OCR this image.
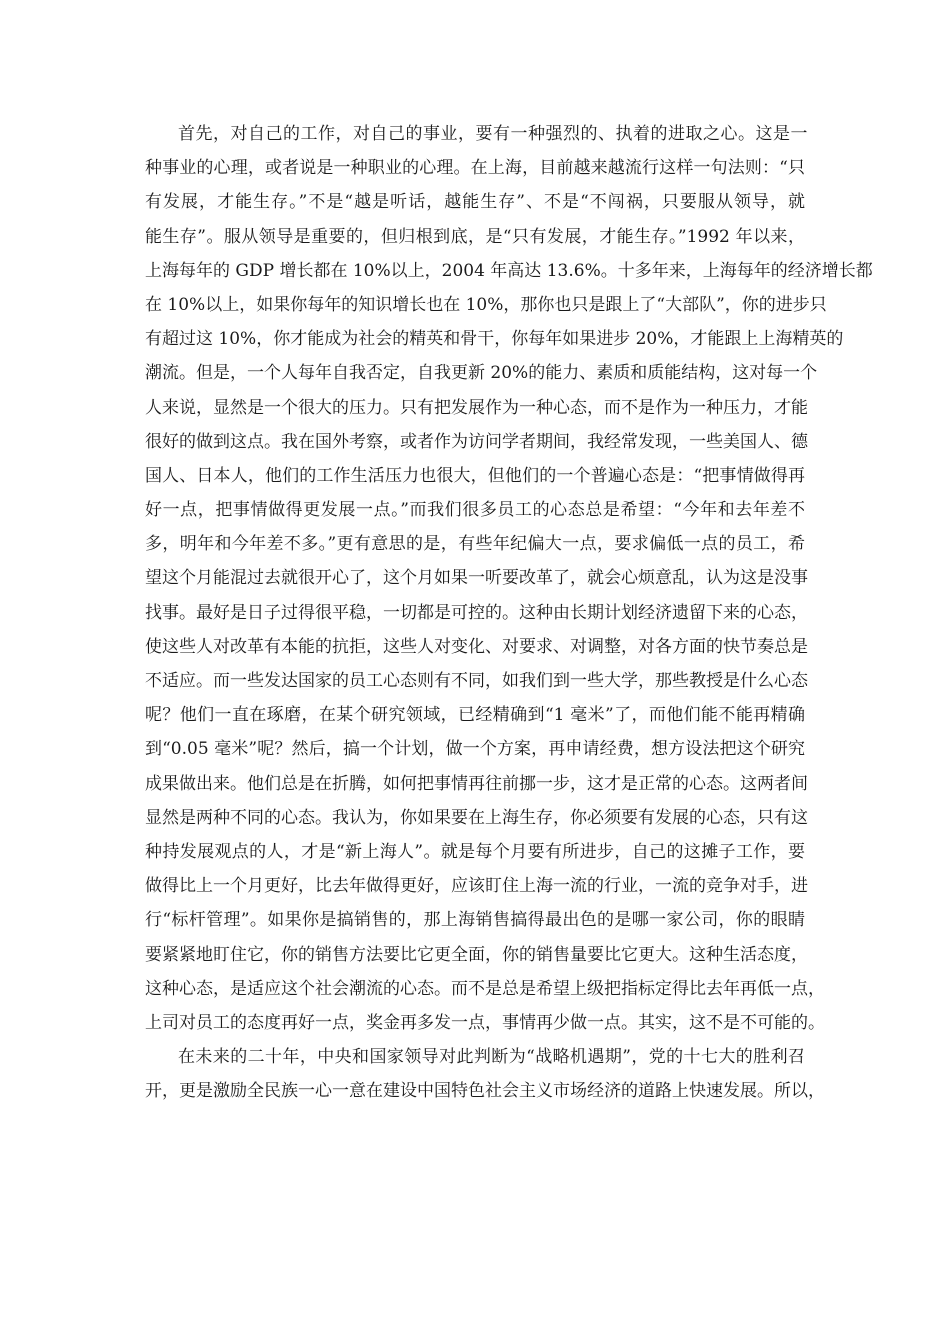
首先，对自己的工作，对自己的事业，要有一种强烈的、执着的进取之心。这是一
种事业的心理，或者说是一种职业的心理。在上海，目前越来越流行这样一句法则：“只
有发展，才能生存。”不是“越是听话，越能生存”、不是“不闯祸，只要服从领导，就
能生存”。服从领导是重要的，但归根到底，是“只有发展，才能生存。”1992 年以来，
上海每年的 GDP 增长都在 10%以上，2004 年高达 13.6%。十多年来，上海每年的经济增长都
在 10%以上，如果你每年的知识增长也在 10%，那你也只是跟上了“大部队”，你的进步只
有超过这 10%，你才能成为社会的精英和骨干，你每年如果进步 20%，才能跟上上海精英的
潮流。但是，一个人每年自我否定，自我更新 20%的能力、素质和质能结构，这对每一个
人来说，显然是一个很大的压力。只有把发展作为一种心态，而不是作为一种压力，才能
很好的做到这点。我在国外考察，或者作为访问学者期间，我经常发现，一些美国人、德
国人、日本人，他们的工作生活压力也很大，但他们的一个普遍心态是：“把事情做得再
好一点，把事情做得更发展一点。”而我们很多员工的心态总是希望：“今年和去年差不
多，明年和今年差不多。”更有意思的是，有些年纪偏大一点，要求偏低一点的员工，希
望这个月能混过去就很开心了，这个月如果一听要改革了，就会心烦意乱，认为这是没事
找事。最好是日子过得很平稳，一切都是可控的。这种由长期计划经济遗留下来的心态，
使这些人对改革有本能的抗拒，这些人对变化、对要求、对调整，对各方面的快节奏总是
不适应。而一些发达国家的员工心态则有不同，如我们到一些大学，那些教授是什么心态
呢？他们一直在琢磨，在某个研究领域，已经精确到“1 毫米”了，而他们能不能再精确
到“0.05 毫米”呢？然后，搞一个计划，做一个方案，再申请经费，想方设法把这个研究
成果做出来。他们总是在折腾，如何把事情再往前挪一步，这才是正常的心态。这两者间
显然是两种不同的心态。我认为，你如果要在上海生存，你必须要有发展的心态，只有这
种持发展观点的人，才是“新上海人”。就是每个月要有所进步，自己的这摊子工作，要
做得比上一个月更好，比去年做得更好，应该盯住上海一流的行业，一流的竞争对手，进
行“标杆管理”。如果你是搞销售的，那上海销售搞得最出色的是哪一家公司，你的眼睛
要紧紧地盯住它，你的销售方法要比它更全面，你的销售量要比它更大。这种生活态度，
这种心态，是适应这个社会潮流的心态。而不是总是希望上级把指标定得比去年再低一点，
上司对员工的态度再好一点，奖金再多发一点，事情再少做一点。其实，这不是不可能的。
在未来的二十年，中央和国家领导对此判断为“战略机遇期”，党的十七大的胜利召
开，更是激励全民族一心一意在建设中国特色社会主义市场经济的道路上快速发展。所以，
